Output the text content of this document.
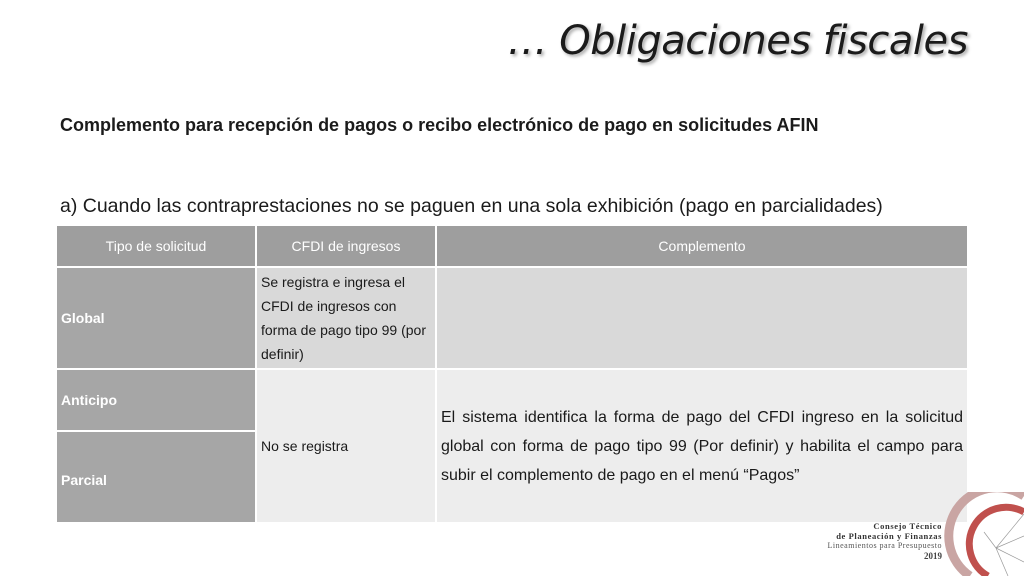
… Obligaciones fiscales
Complemento para recepción de pagos o recibo electrónico de pago en solicitudes AFIN
a) Cuando las contraprestaciones no se paguen en una sola exhibición (pago en parcialidades)
Tipo de solicitud	CFDI de ingresos	Complemento
Global	Se registra e ingresa el CFDI de ingresos con forma de pago tipo 99 (por definir)	
Anticipo	No se registra	El sistema identifica la forma de pago del CFDI ingreso en la solicitud global con forma de pago tipo 99 (Por definir) y habilita el campo para subir el complemento de pago en el menú “Pagos”
Parcial		
Consejo Técnico
de Planeación y Finanzas
Lineamientos para Presupuesto
2019
